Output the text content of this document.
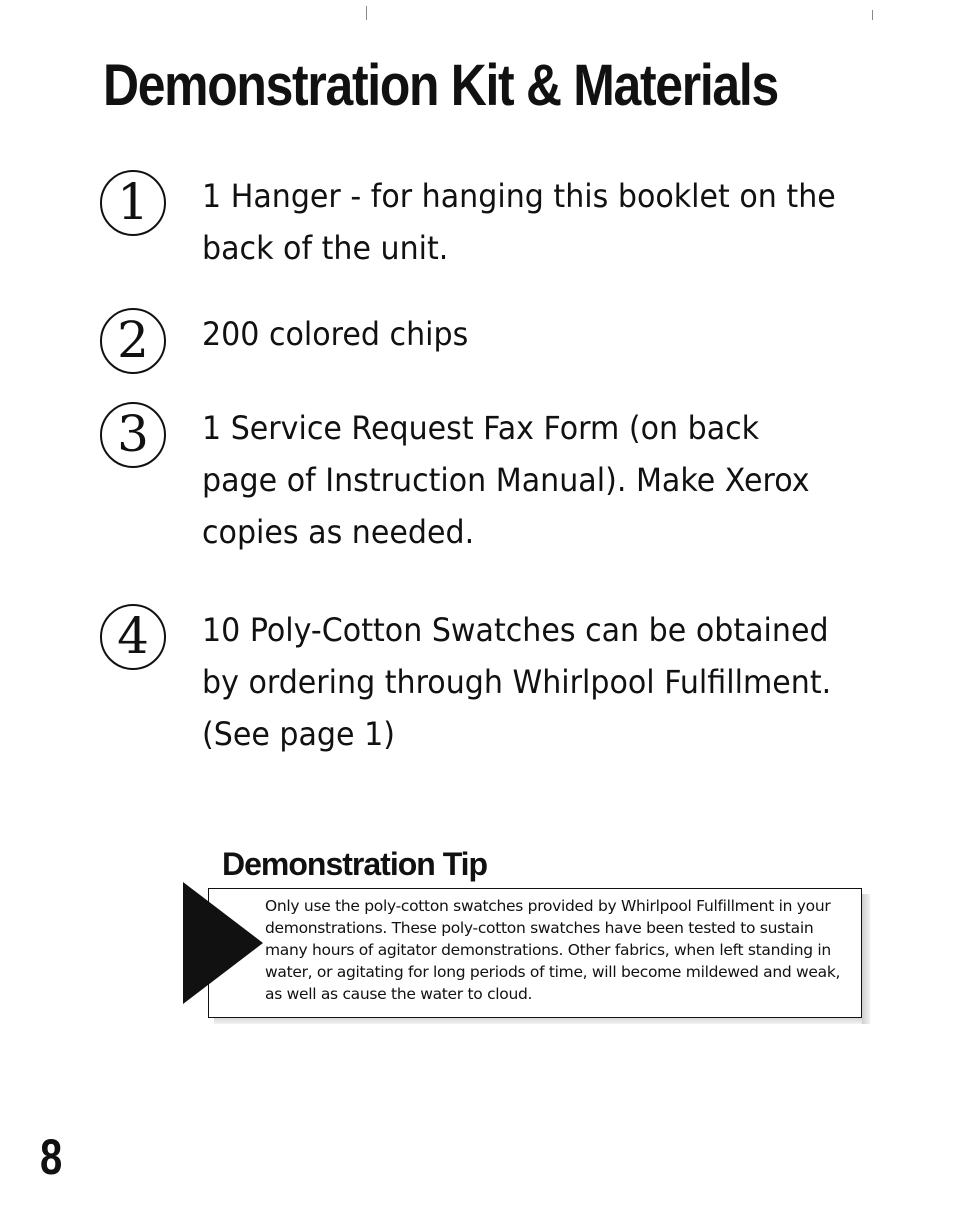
Demonstration Kit & Materials
1	1 Hanger - for hanging this booklet on the back of the unit.
2	200 colored chips
3	1 Service Request Fax Form (on back page of Instruction Manual). Make Xerox copies as needed.
4	10 Poly-Cotton Swatches can be obtained by ordering through Whirlpool Fulfillment. (See page 1)
Demonstration Tip
Only use the poly-cotton swatches provided by Whirlpool Fulfillment in your demonstrations. These poly-cotton swatches have been tested to sustain many hours of agitator demonstrations. Other fabrics, when left standing in water, or agitating for long periods of time, will become mildewed and weak, as well as cause the water to cloud.
8
